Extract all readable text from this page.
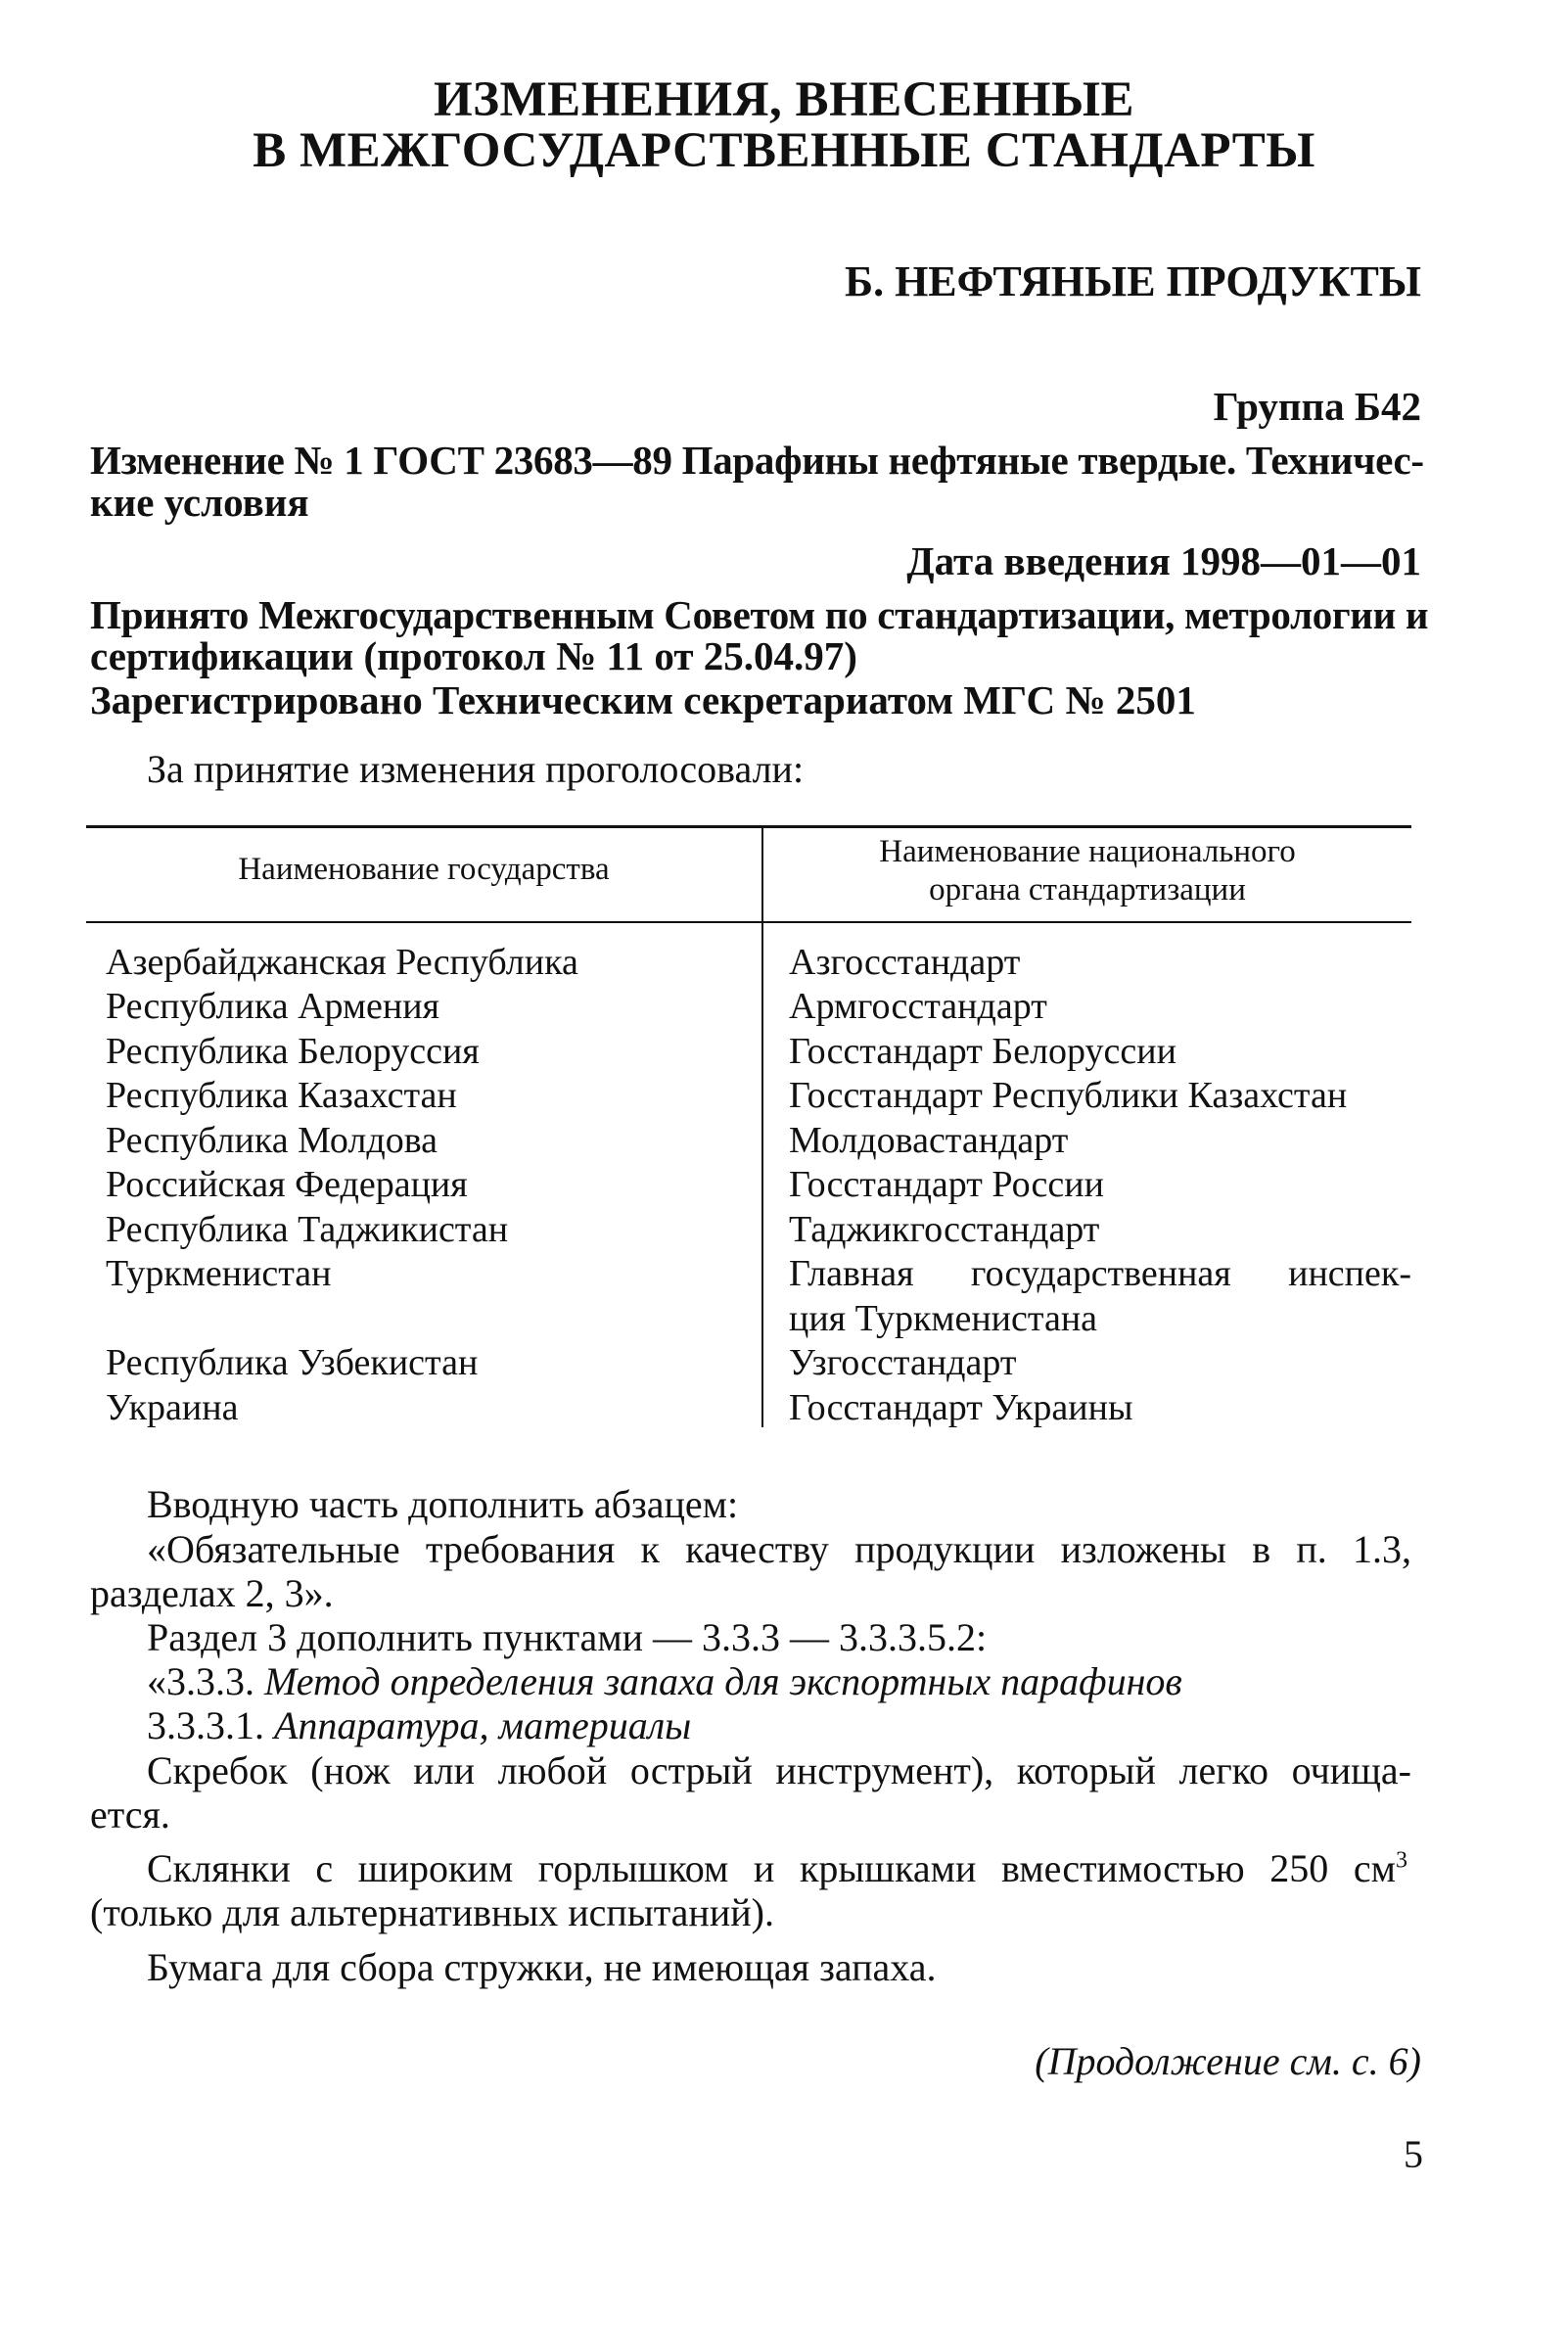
ИЗМЕНЕНИЯ, ВНЕСЕННЫЕ
В МЕЖГОСУДАРСТВЕННЫЕ СТАНДАРТЫ
Б. НЕФТЯНЫЕ ПРОДУКТЫ
Группа Б42
Изменение № 1 ГОСТ 23683—89 Парафины нефтяные твердые. Техничес-
кие условия
Дата введения 1998—01—01
Принято Межгосударственным Советом по стандартизации, метрологии и
сертификации (протокол № 11 от 25.04.97)
Зарегистрировано Техническим секретариатом МГС № 2501
За принятие изменения проголосовали:
Наименование государства	Наименование национального
органа стандартизации
Азербайджанская Республика	Азгосстандарт
Республика Армения	Армгосстандарт
Республика Белоруссия	Госстандарт Белоруссии
Республика Казахстан	Госстандарт Республики Казахстан
Республика Молдова	Молдовастандарт
Российская Федерация	Госстандарт России
Республика Таджикистан	Таджикгосстандарт
Туркменистан	Главная государственная инспек-
ция Туркменистана
Республика Узбекистан	Узгосстандарт
Украина	Госстандарт Украины
Вводную часть дополнить абзацем:
«Обязательные требования к качеству продукции изложены в п. 1.3,
разделах 2, 3».
Раздел 3 дополнить пунктами — 3.3.3 — 3.3.3.5.2:
«3.3.3. Метод определения запаха для экспортных парафинов
3.3.3.1. Аппаратура, материалы
Скребок (нож или любой острый инструмент), который легко очища-
ется.
Склянки с широким горлышком и крышками вместимостью 250 $см^3$
(только для альтернативных испытаний).
Бумага для сбора стружки, не имеющая запаха.
(Продолжение см. с. 6)
5
